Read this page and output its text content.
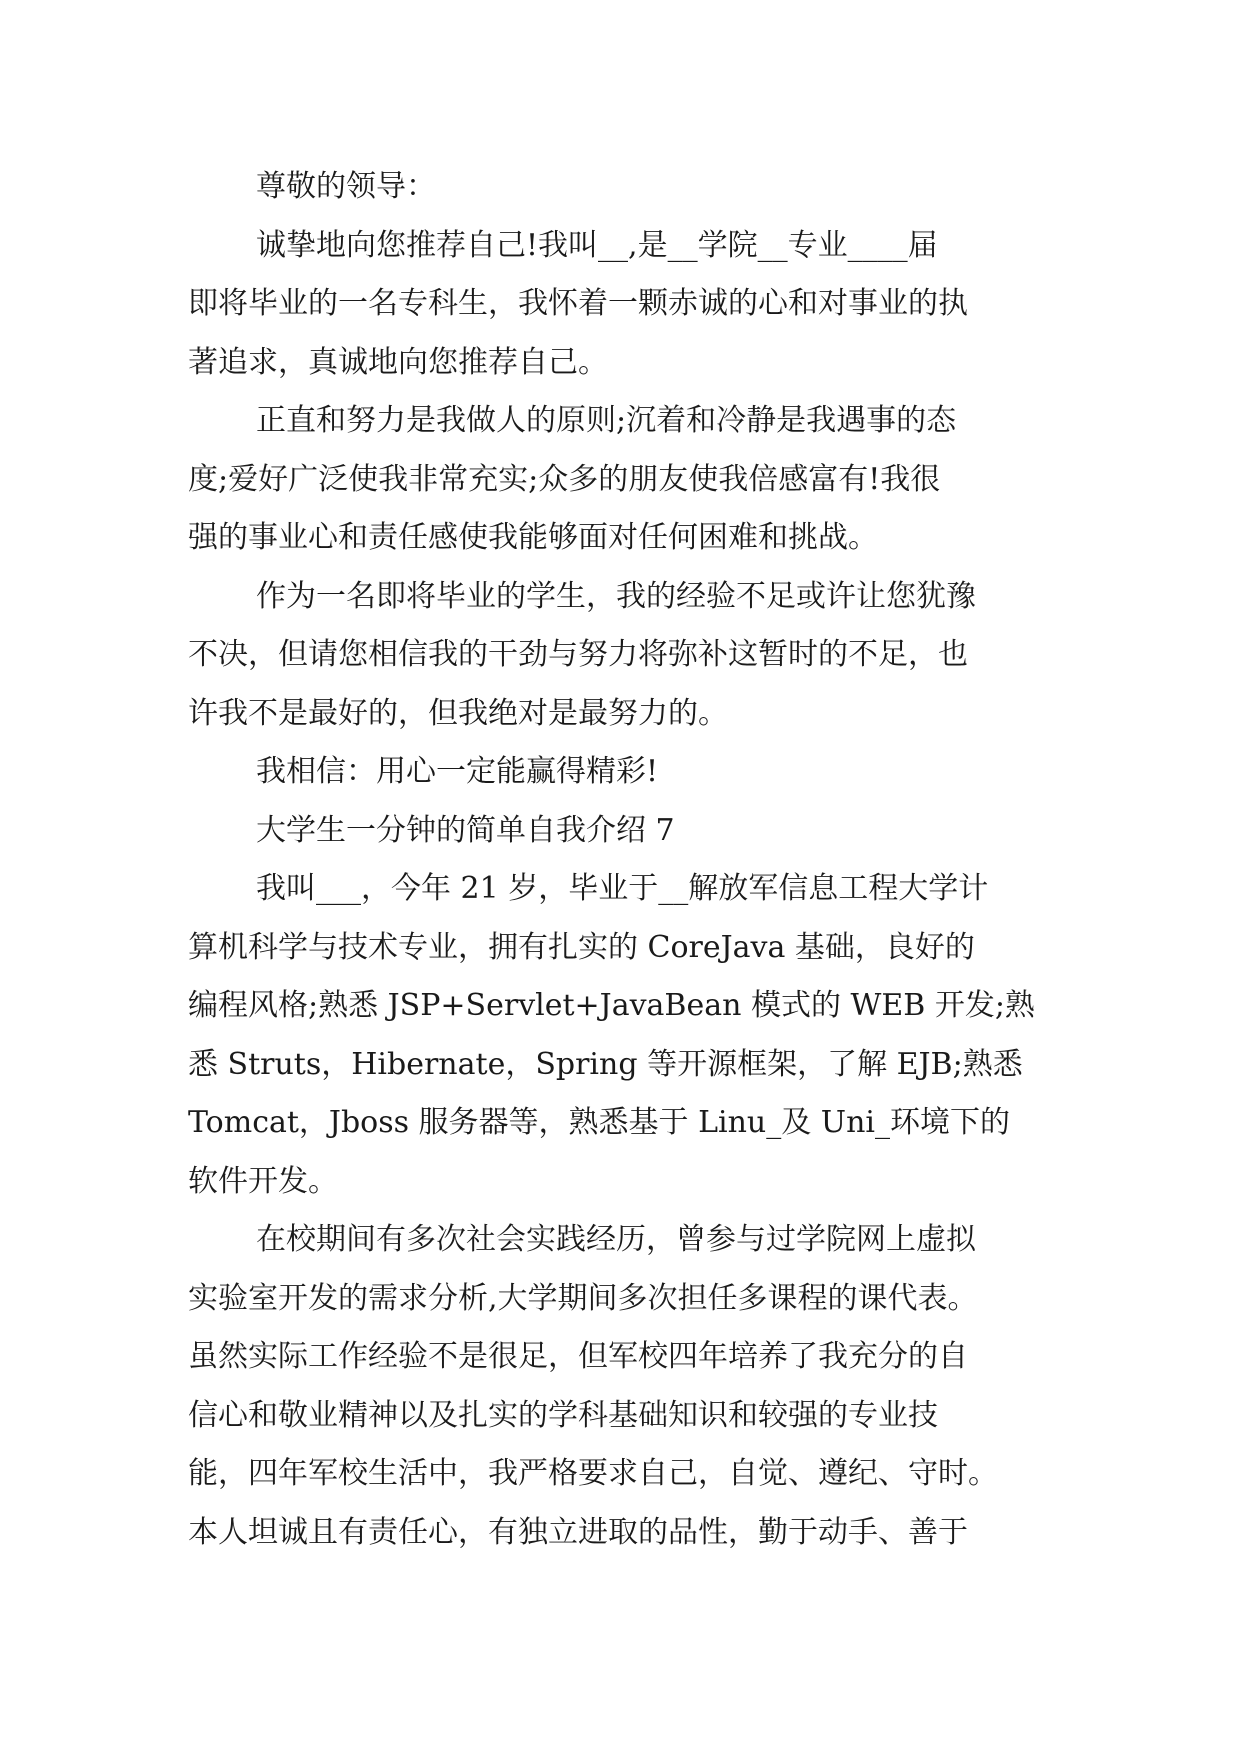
尊敬的领导：
诚挚地向您推荐自己!我叫__,是__学院__专业____届
即将毕业的一名专科生，我怀着一颗赤诚的心和对事业的执
著追求，真诚地向您推荐自己。
正直和努力是我做人的原则;沉着和冷静是我遇事的态
度;爱好广泛使我非常充实;众多的朋友使我倍感富有!我很
强的事业心和责任感使我能够面对任何困难和挑战。
作为一名即将毕业的学生，我的经验不足或许让您犹豫
不决，但请您相信我的干劲与努力将弥补这暂时的不足，也
许我不是最好的，但我绝对是最努力的。
我相信：用心一定能赢得精彩!
大学生一分钟的简单自我介绍 7
我叫___，今年 21 岁，毕业于__解放军信息工程大学计
算机科学与技术专业，拥有扎实的 CoreJava 基础，良好的
编程风格;熟悉 JSP+Servlet+JavaBean 模式的 WEB 开发;熟
悉 Struts，Hibernate，Spring 等开源框架，了解 EJB;熟悉
Tomcat，Jboss 服务器等，熟悉基于 Linu_及 Uni_环境下的
软件开发。
在校期间有多次社会实践经历，曾参与过学院网上虚拟
实验室开发的需求分析,大学期间多次担任多课程的课代表。
虽然实际工作经验不是很足，但军校四年培养了我充分的自
信心和敬业精神以及扎实的学科基础知识和较强的专业技
能，四年军校生活中，我严格要求自己，自觉、遵纪、守时。
本人坦诚且有责任心，有独立进取的品性，勤于动手、善于
